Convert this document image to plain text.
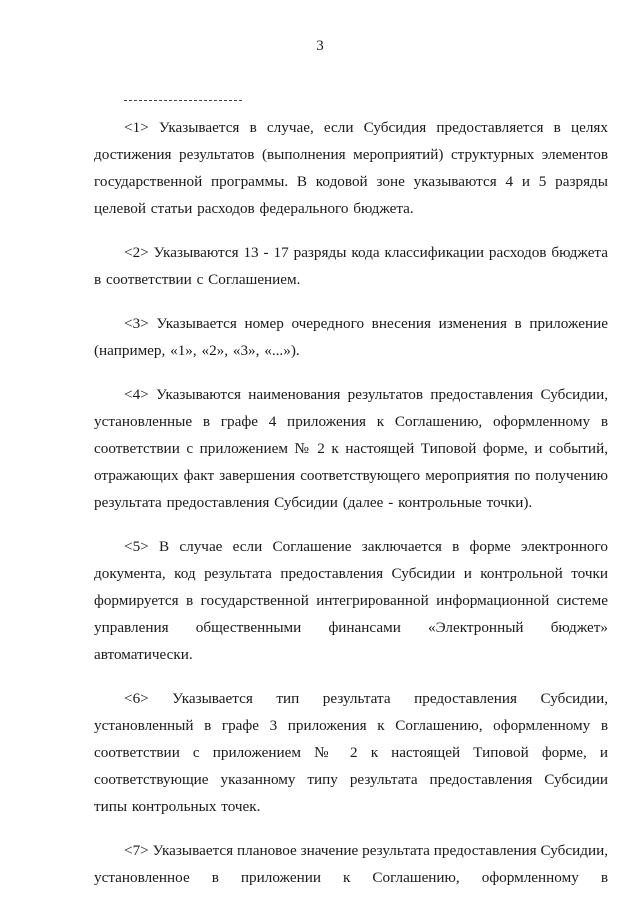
3

<1> Указывается в случае, если Субсидия предоставляется в целях достижения результатов (выполнения мероприятий) структурных элементов государственной программы. В кодовой зоне указываются 4 и 5 разряды целевой статьи расходов федерального бюджета.

<2> Указываются 13 - 17 разряды кода классификации расходов бюджета в соответствии с Соглашением.

<3> Указывается номер очередного внесения изменения в приложение (например, «1», «2», «3», «...»).

<4> Указываются наименования результатов предоставления Субсидии, установленные в графе 4 приложения к Соглашению, оформленному в соответствии с приложением № 2 к настоящей Типовой форме, и событий, отражающих факт завершения соответствующего мероприятия по получению результата предоставления Субсидии (далее - контрольные точки).

<5> В случае если Соглашение заключается в форме электронного документа, код результата предоставления Субсидии и контрольной точки формируется в государственной интегрированной информационной системе управления общественными финансами «Электронный бюджет» автоматически.

<6> Указывается тип результата предоставления Субсидии, установленный в графе 3 приложения к Соглашению, оформленному в соответствии с приложением № 2 к настоящей Типовой форме, и соответствующие указанному типу результата предоставления Субсидии типы контрольных точек.

<7> Указывается плановое значение результата предоставления Субсидии, установленное в приложении к Соглашению, оформленному в
